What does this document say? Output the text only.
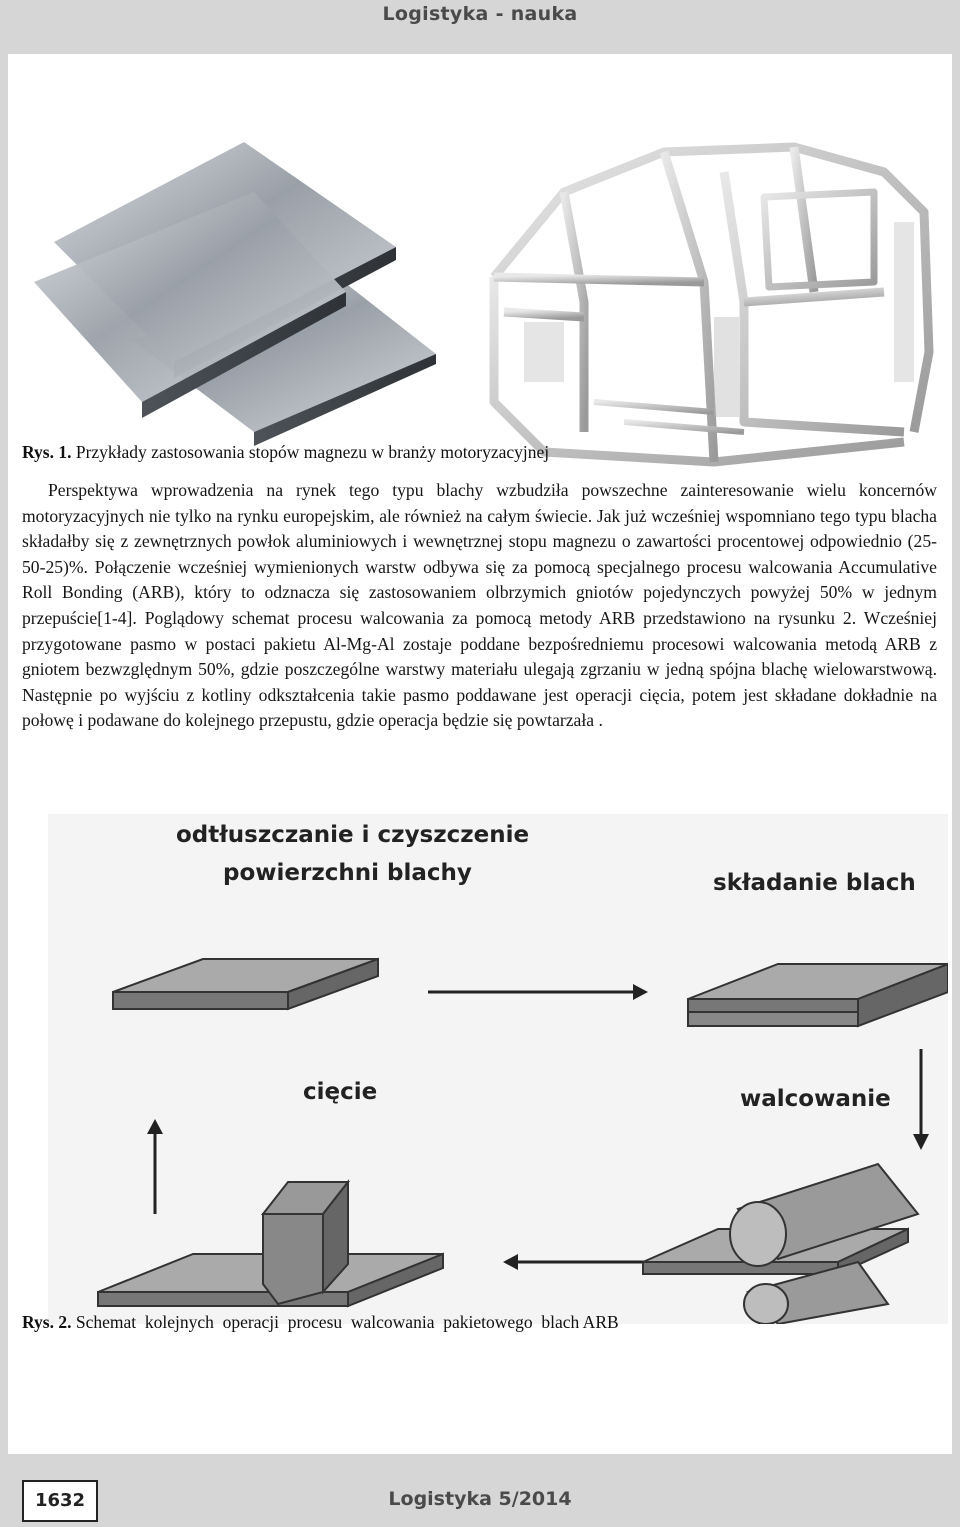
Logistyka - nauka
Rys. 1. Przykłady zastosowania stopów magnezu w branży motoryzacyjnej

Perspektywa wprowadzenia na rynek tego typu blachy wzbudziła powszechne zainteresowanie wielu koncernów motoryzacyjnych nie tylko na rynku europejskim, ale również na całym świecie. Jak już wcześniej wspomniano tego typu blacha składałby się z zewnętrznych powłok aluminiowych i wewnętrznej stopu magnezu o zawartości procentowej odpowiednio (25-50-25)%. Połączenie wcześniej wymienionych warstw odbywa się za pomocą specjalnego procesu walcowania Accumulative Roll Bonding (ARB), który to odznacza się zastosowaniem olbrzymich gniotów pojedynczych powyżej 50% w jednym przepuście[1-4]. Poglądowy schemat procesu walcowania za pomocą metody ARB przedstawiono na rysunku 2. Wcześniej przygotowane pasmo w postaci pakietu Al-Mg-Al zostaje poddane bezpośredniemu procesowi walcowania metodą ARB z gniotem bezwzględnym 50%, gdzie poszczególne warstwy materiału ulegają zgrzaniu w jedną spójna blachę wielowarstwową. Następnie po wyjściu z kotliny odkształcenia takie pasmo poddawane jest operacji cięcia, potem jest składane dokładnie na połowę i podawane do kolejnego przepustu, gdzie operacja będzie się powtarzała .

odtłuszczanie i czyszczenie
powierzchni blachy	składanie blach
cięcie	walcowanie
Rys. 2. Schemat  kolejnych  operacji  procesu  walcowania  pakietowego  blach ARB
1632	Logistyka 5/2014
